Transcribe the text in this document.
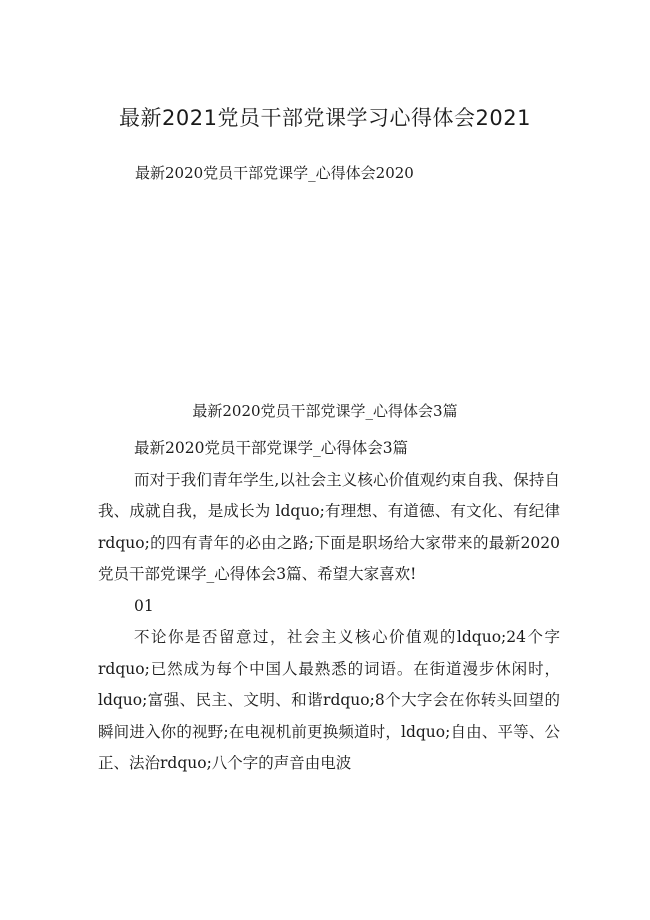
最新2021党员干部党课学习心得体会2021
最新2020党员干部党课学_心得体会2020
最新2020党员干部党课学_心得体会3篇

最新2020党员干部党课学_心得体会3篇

而对于我们青年学生,以社会主义核心价值观约束自我、保持自我、成就自我，是成长为 ldquo;有理想、有道德、有文化、有纪律rdquo;的四有青年的必由之路;下面是职场给大家带来的最新2020党员干部党课学_心得体会3篇、希望大家喜欢!

01

不论你是否留意过，社会主义核心价值观的ldquo;24个字rdquo;已然成为每个中国人最熟悉的词语。在街道漫步休闲时，ldquo;富强、民主、文明、和谐rdquo;8个大字会在你转头回望的瞬间进入你的视野;在电视机前更换频道时，ldquo;自由、平等、公正、法治rdquo;八个字的声音由电波
